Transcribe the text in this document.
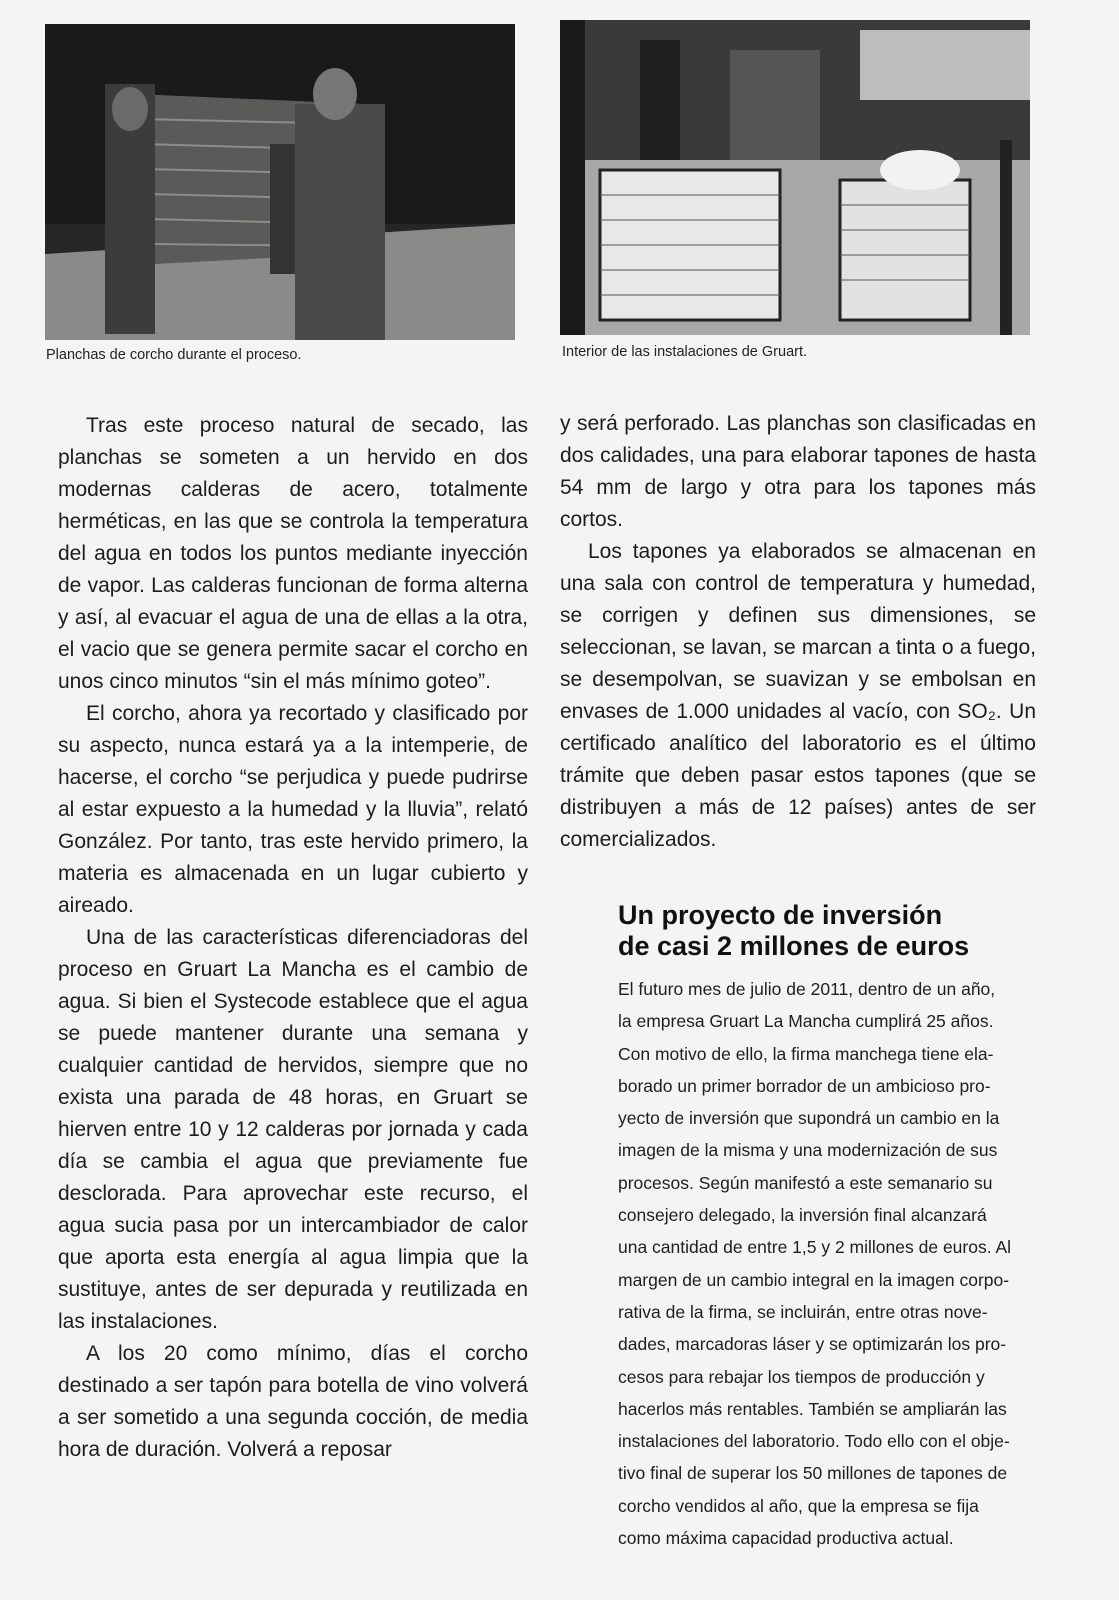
Planchas de corcho durante el proceso.	Interior de las instalaciones de Gruart.

Tras este proceso natural de secado, las planchas se someten a un hervido en dos modernas calderas de acero, totalmente herméticas, en las que se controla la temperatura del agua en todos los puntos mediante inyección de vapor. Las calderas funcionan de forma alterna y así, al evacuar el agua de una de ellas a la otra, el vacio que se genera permite sacar el corcho en unos cinco minutos “sin el más mínimo goteo”.

El corcho, ahora ya recortado y clasificado por su aspecto, nunca estará ya a la intemperie, de hacerse, el corcho “se perjudica y puede pudrirse al estar expuesto a la humedad y la lluvia”, relató González. Por tanto, tras este hervido primero, la materia es almacenada en un lugar cubierto y aireado.

Una de las características diferenciadoras del proceso en Gruart La Mancha es el cambio de agua. Si bien el Systecode establece que el agua se puede mantener durante una semana y cualquier cantidad de hervidos, siempre que no exista una parada de 48 horas, en Gruart se hierven entre 10 y 12 calderas por jornada y cada día se cambia el agua que previamente fue desclorada. Para aprovechar este recurso, el agua sucia pasa por un intercambiador de calor que aporta esta energía al agua limpia que la sustituye, antes de ser depurada y reutilizada en las instalaciones.

A los 20 como mínimo, días el corcho destinado a ser tapón para botella de vino volverá a ser sometido a una segunda cocción, de media hora de duración. Volverá a reposar

y será perforado. Las planchas son clasificadas en dos calidades, una para elaborar tapones de hasta 54 mm de largo y otra para los tapones más cortos.

Los tapones ya elaborados se almacenan en una sala con control de temperatura y humedad, se corrigen y definen sus dimensiones, se seleccionan, se lavan, se marcan a tinta o a fuego, se desempolvan, se suavizan y se embolsan en envases de 1.000 unidades al vacío, con SO₂. Un certificado analítico del laboratorio es el último trámite que deben pasar estos tapones (que se distribuyen a más de 12 países) antes de ser comercializados.

Un proyecto de inversión
de casi 2 millones de euros
El futuro mes de julio de 2011, dentro de un año,
la empresa Gruart La Mancha cumplirá 25 años.
Con motivo de ello, la firma manchega tiene ela-
borado un primer borrador de un ambicioso pro-
yecto de inversión que supondrá un cambio en la
imagen de la misma y una modernización de sus
procesos. Según manifestó a este semanario su
consejero delegado, la inversión final alcanzará
una cantidad de entre 1,5 y 2 millones de euros. Al
margen de un cambio integral en la imagen corpo-
rativa de la firma, se incluirán, entre otras nove-
dades, marcadoras láser y se optimizarán los pro-
cesos para rebajar los tiempos de producción y
hacerlos más rentables. También se ampliarán las
instalaciones del laboratorio. Todo ello con el obje-
tivo final de superar los 50 millones de tapones de
corcho vendidos al año, que la empresa se fija
como máxima capacidad productiva actual.
